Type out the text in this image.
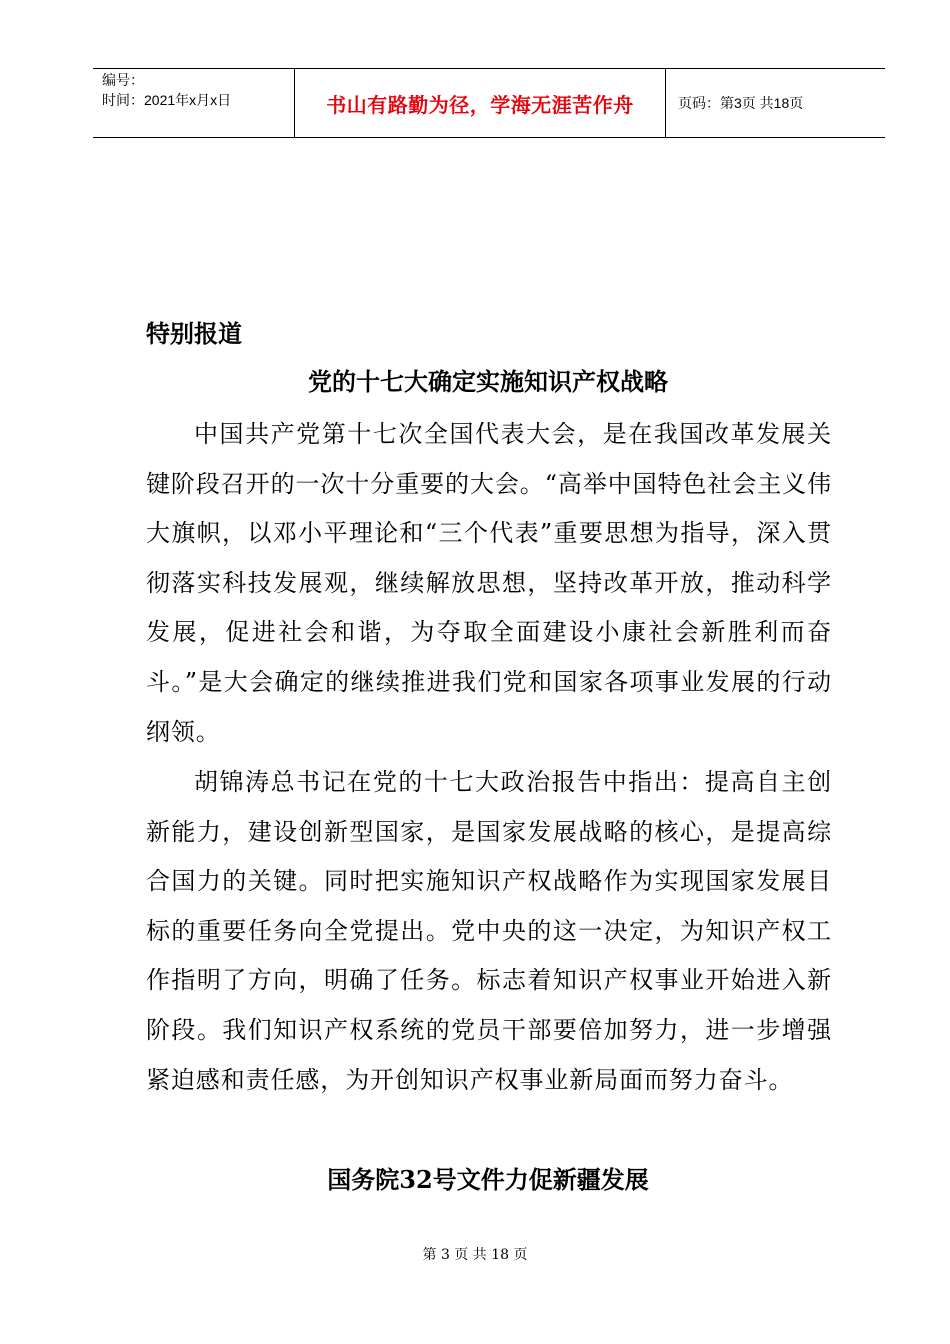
编号：
时间：2021年x月x日	书山有路勤为径，学海无涯苦作舟	页码：第3页 共18页
特别报道
党的十七大确定实施知识产权战略

中国共产党第十七次全国代表大会，是在我国改革发展关键阶段召开的一次十分重要的大会。“高举中国特色社会主义伟大旗帜，以邓小平理论和“三个代表”重要思想为指导，深入贯彻落实科技发展观，继续解放思想，坚持改革开放，推动科学发展，促进社会和谐，为夺取全面建设小康社会新胜利而奋斗。”是大会确定的继续推进我们党和国家各项事业发展的行动纲领。

胡锦涛总书记在党的十七大政治报告中指出：提高自主创新能力，建设创新型国家，是国家发展战略的核心，是提高综合国力的关键。同时把实施知识产权战略作为实现国家发展目标的重要任务向全党提出。党中央的这一决定，为知识产权工作指明了方向，明确了任务。标志着知识产权事业开始进入新阶段。我们知识产权系统的党员干部要倍加努力，进一步增强紧迫感和责任感，为开创知识产权事业新局面而努力奋斗。

国务院32号文件力促新疆发展
第 3 页 共 18 页
